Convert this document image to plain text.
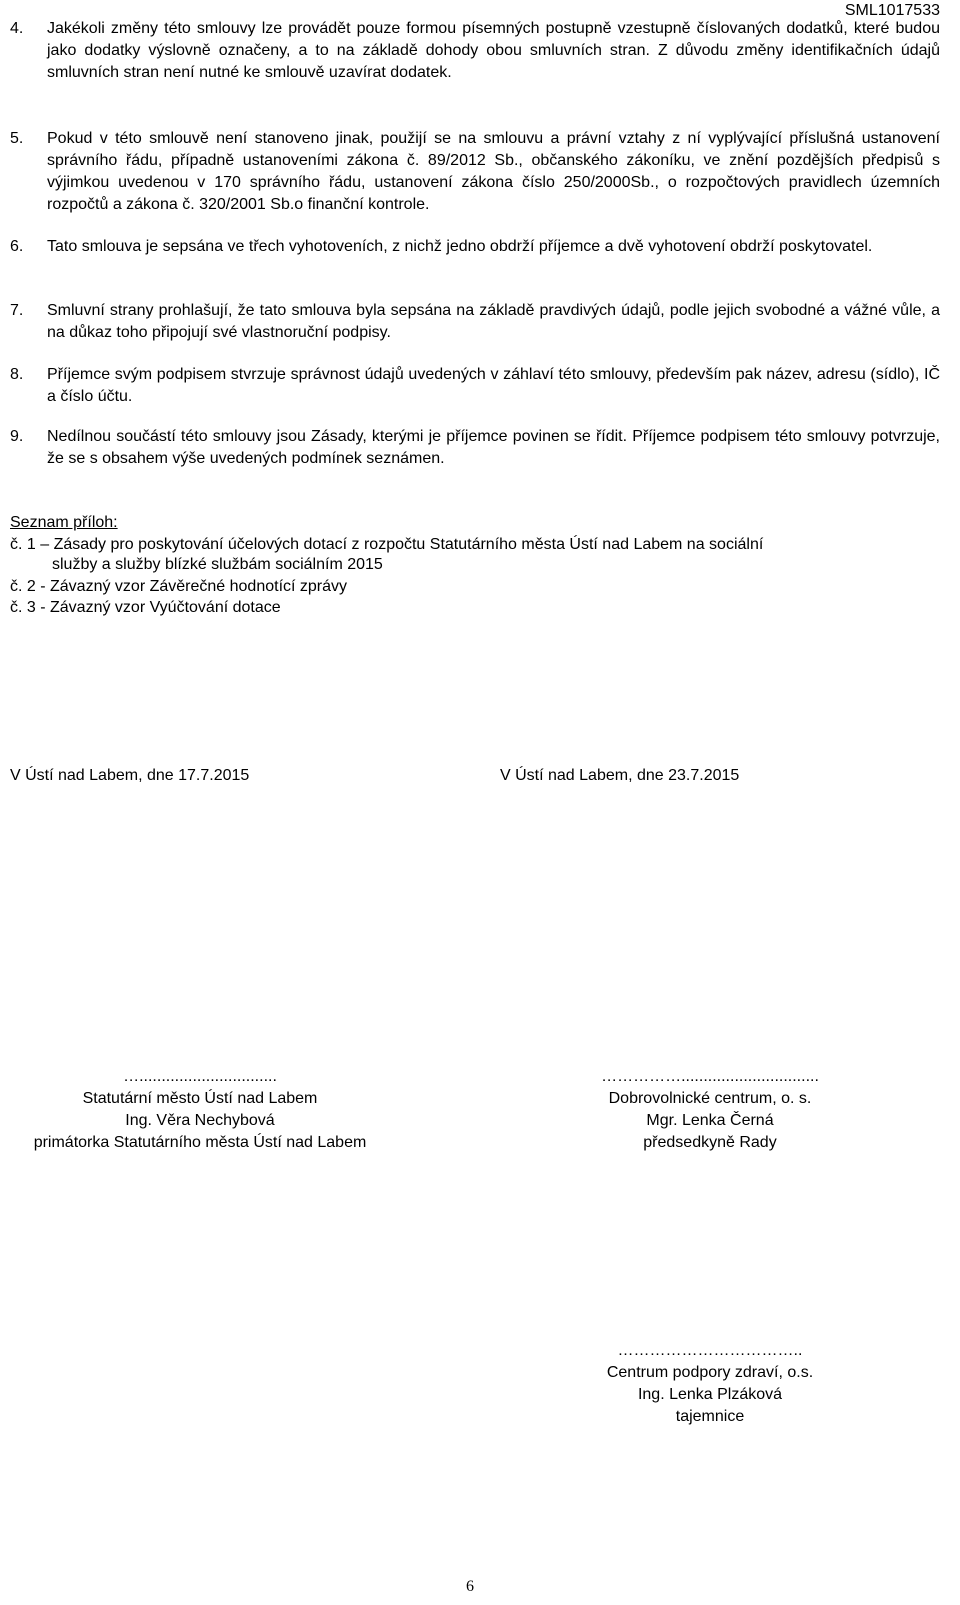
SML1017533
4. Jakékoli změny této smlouvy lze provádět pouze formou písemných postupně vzestupně číslovaných dodatků, které budou jako dodatky výslovně označeny, a to na základě dohody obou smluvních stran. Z důvodu změny identifikačních údajů smluvních stran není nutné ke smlouvě uzavírat dodatek.
5. Pokud v této smlouvě není stanoveno jinak, použijí se na smlouvu a právní vztahy z ní vyplývající příslušná ustanovení správního řádu, případně ustanoveními zákona č. 89/2012 Sb., občanského zákoníku, ve znění pozdějších předpisů s výjimkou uvedenou v 170 správního řádu, ustanovení zákona číslo 250/2000Sb., o rozpočtových pravidlech územních rozpočtů a zákona č. 320/2001 Sb.o finanční kontrole.
6. Tato smlouva je sepsána ve třech vyhotoveních, z nichž jedno obdrží příjemce a dvě vyhotovení obdrží poskytovatel.
7. Smluvní strany prohlašují, že tato smlouva byla sepsána na základě pravdivých údajů, podle jejich svobodné a vážné vůle, a na důkaz toho připojují své vlastnoruční podpisy.
8. Příjemce svým podpisem stvrzuje správnost údajů uvedených v záhlaví této smlouvy, především pak název, adresu (sídlo), IČ a číslo účtu.
9. Nedílnou součástí této smlouvy jsou Zásady, kterými je příjemce povinen se řídit. Příjemce podpisem této smlouvy potvrzuje, že se s obsahem výše uvedených podmínek seznámen.
Seznam příloh:
č. 1 – Zásady pro poskytování účelových dotací z rozpočtu Statutárního města Ústí nad Labem na sociální
služby a služby blízké službám sociálním 2015
č. 2 - Závazný vzor Závěrečné hodnotící zprávy
č. 3 - Závazný vzor Vyúčtování dotace
V Ústí nad Labem, dne 17.7.2015	V Ústí nad Labem, dne 23.7.2015
…...............................
Statutární město Ústí nad Labem
Ing. Věra Nechybová
primátorka Statutárního města Ústí nad Labem
……………...............................
Dobrovolnické centrum, o. s.
Mgr. Lenka Černá
předsedkyně Rady
……………………………..
Centrum podpory zdraví, o.s.
Ing. Lenka Plzáková
tajemnice
6
